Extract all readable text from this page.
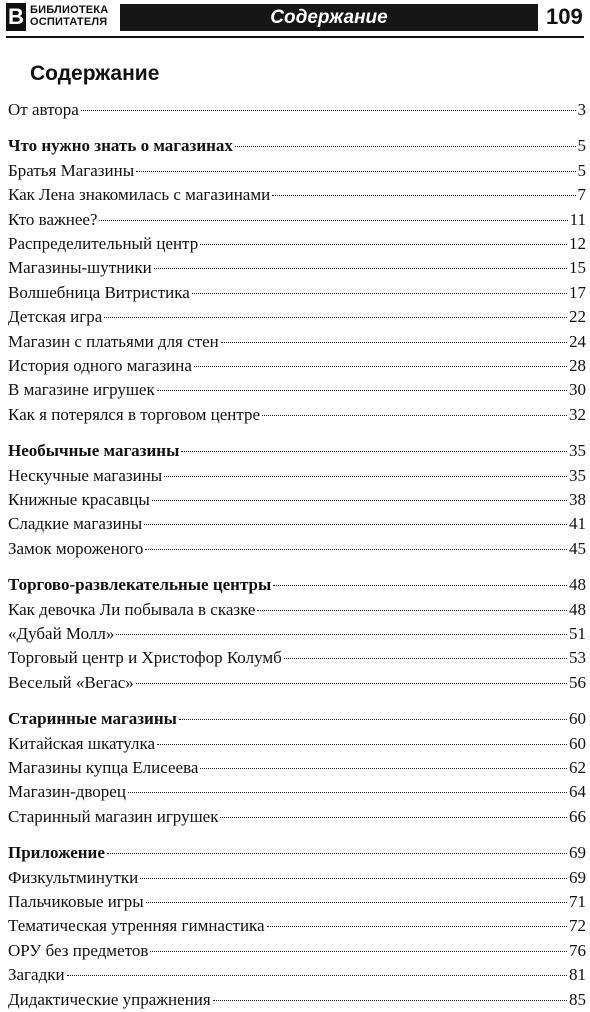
В БИБЛИОТЕКА
ОСПИТАТЕЛЯ	Содержание	109
Содержание
От автора	3
Что нужно знать о магазинах	5
Братья Магазины	5
Как Лена знакомилась с магазинами	7
Кто важнее?	11
Распределительный центр	12
Магазины-шутники	15
Волшебница Витристика	17
Детская игра	22
Магазин с платьями для стен	24
История одного магазина	28
В магазине игрушек	30
Как я потерялся в торговом центре	32
Необычные магазины	35
Нескучные магазины	35
Книжные красавцы	38
Сладкие магазины	41
Замок мороженого	45
Торгово-развлекательные центры	48
Как девочка Ли побывала в сказке	48
«Дубай Молл»	51
Торговый центр и Христофор Колумб	53
Веселый «Вегас»	56
Старинные магазины	60
Китайская шкатулка	60
Магазины купца Елисеева	62
Магазин-дворец	64
Старинный магазин игрушек	66
Приложение	69
Физкультминутки	69
Пальчиковые игры	71
Тематическая утренняя гимнастика	72
ОРУ без предметов	76
Загадки	81
Дидактические упражнения	85
